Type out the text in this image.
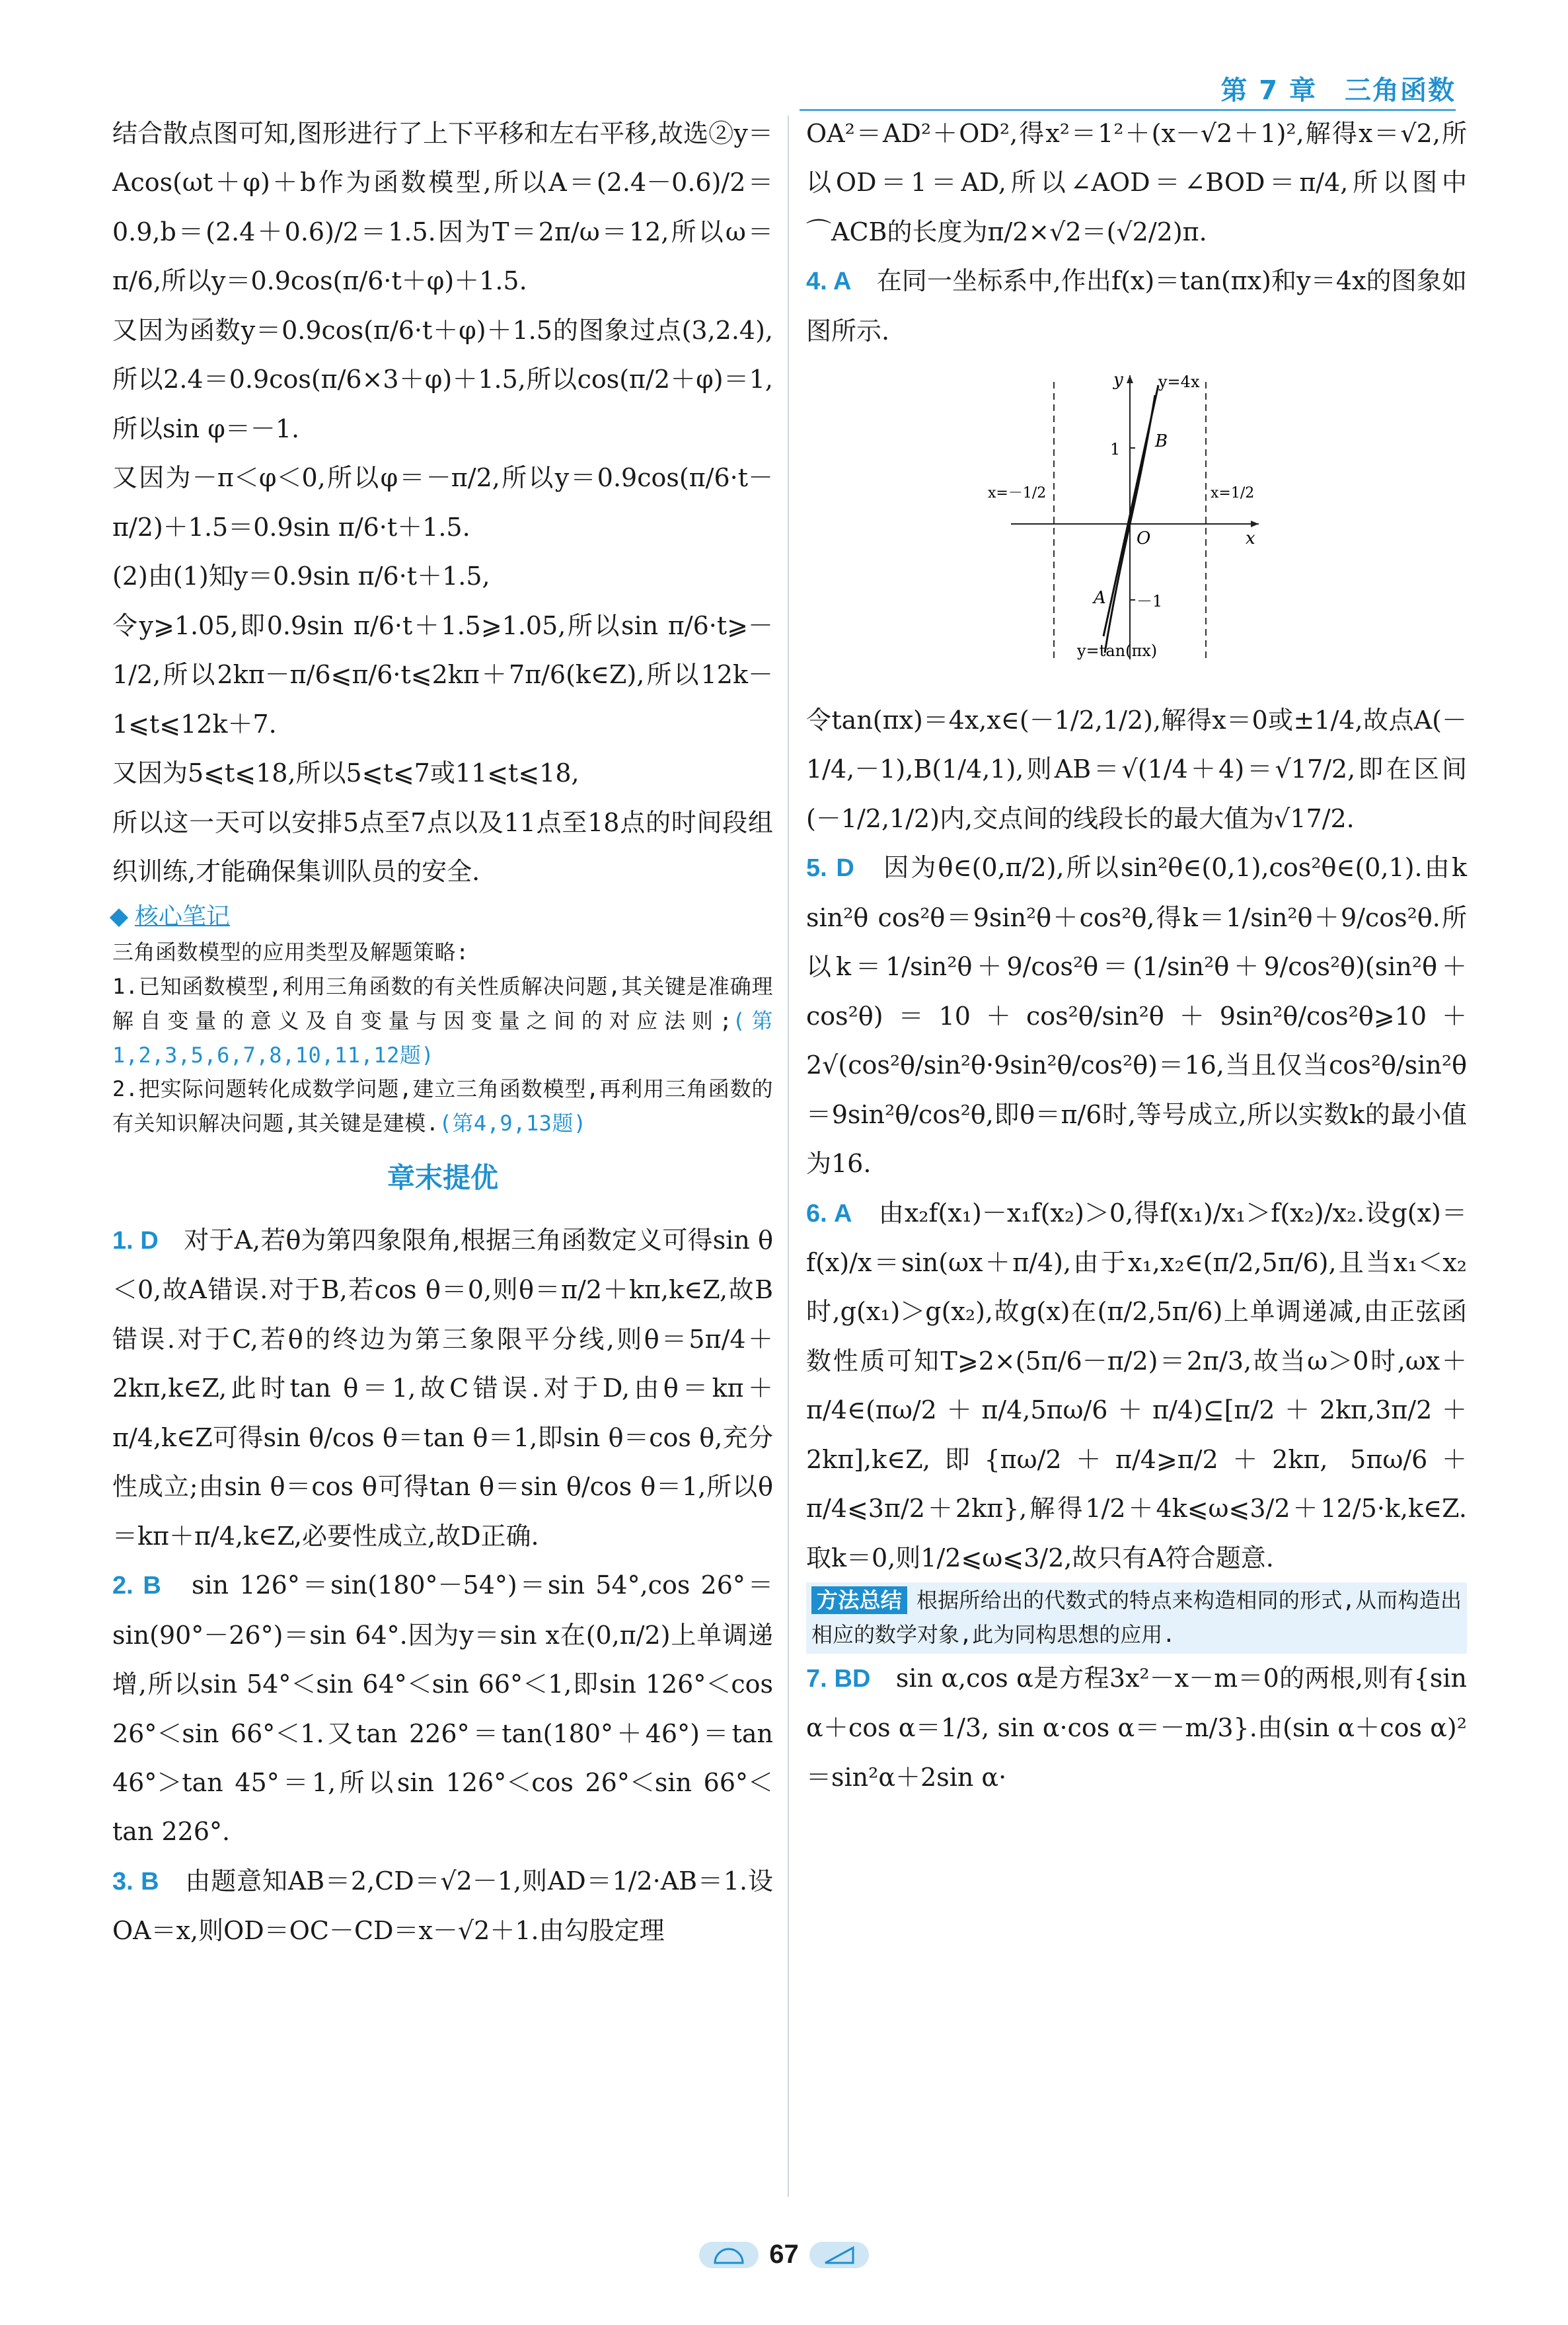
第 7 章　三角函数

结合散点图可知,图形进行了上下平移和左右平移,故选②y＝Acos(ωt＋φ)＋b作为函数模型,所以A＝(2.4－0.6)/2＝0.9,b＝(2.4＋0.6)/2＝1.5.因为T＝2π/ω＝12,所以ω＝π/6,所以y＝0.9cos(π/6·t＋φ)＋1.5.

又因为函数y＝0.9cos(π/6·t＋φ)＋1.5的图象过点(3,2.4),所以2.4＝0.9cos(π/6×3＋φ)＋1.5,所以cos(π/2＋φ)＝1,所以sin φ＝－1.

又因为－π＜φ＜0,所以φ＝－π/2,所以y＝0.9cos(π/6·t－π/2)＋1.5＝0.9sin π/6·t＋1.5.

(2)由(1)知y＝0.9sin π/6·t＋1.5,

令y⩾1.05,即0.9sin π/6·t＋1.5⩾1.05,所以sin π/6·t⩾－1/2,所以2kπ－π/6⩽π/6·t⩽2kπ＋7π/6(k∈Z),所以12k－1⩽t⩽12k＋7.

又因为5⩽t⩽18,所以5⩽t⩽7或11⩽t⩽18,

所以这一天可以安排5点至7点以及11点至18点的时间段组织训练,才能确保集训队员的安全.

核心笔记
三角函数模型的应用类型及解题策略:
1.已知函数模型,利用三角函数的有关性质解决问题,其关键是准确理解自变量的意义及自变量与因变量之间的对应法则;(第1,2,3,5,6,7,8,10,11,12题)
2.把实际问题转化成数学问题,建立三角函数模型,再利用三角函数的有关知识解决问题,其关键是建模.(第4,9,13题)
章末提优

1. D　 对于A,若θ为第四象限角,根据三角函数定义可得sin θ＜0,故A错误.对于B,若cos θ＝0,则θ＝π/2＋kπ,k∈Z,故B错误.对于C,若θ的终边为第三象限平分线,则θ＝5π/4＋2kπ,k∈Z,此时tan θ＝1,故C错误.对于D,由θ＝kπ＋π/4,k∈Z可得sin θ/cos θ＝tan θ＝1,即sin θ＝cos θ,充分性成立;由sin θ＝cos θ可得tan θ＝sin θ/cos θ＝1,所以θ＝kπ＋π/4,k∈Z,必要性成立,故D正确.

2. B　 sin 126°＝sin(180°－54°)＝sin 54°,cos 26°＝sin(90°－26°)＝sin 64°.因为y＝sin x在(0,π/2)上单调递增,所以sin 54°＜sin 64°＜sin 66°＜1,即sin 126°＜cos 26°＜sin 66°＜1.又tan 226°＝tan(180°＋46°)＝tan 46°＞tan 45°＝1,所以sin 126°＜cos 26°＜sin 66°＜tan 226°.

3. B　 由题意知AB＝2,CD＝√2－1,则AD＝1/2·AB＝1.设OA＝x,则OD＝OC－CD＝x－√2＋1.由勾股定理

OA²＝AD²＋OD²,得x²＝1²＋(x－√2＋1)²,解得x＝√2,所以OD＝1＝AD,所以∠AOD＝∠BOD＝π/4,所以图中⌒ACB的长度为π/2×√2＝(√2/2)π.

4. A　 在同一坐标系中,作出f(x)＝tan(πx)和y＝4x的图象如图所示.

y
x
O
y=4x
y=tan(πx)
x=－1/2	x=1/2
1
－1
A
B

令tan(πx)＝4x,x∈(－1/2,1/2),解得x＝0或±1/4,故点A(－1/4,－1),B(1/4,1),则AB＝√(1/4＋4)＝√17/2,即在区间(－1/2,1/2)内,交点间的线段长的最大值为√17/2.

5. D　 因为θ∈(0,π/2),所以sin²θ∈(0,1),cos²θ∈(0,1).由k sin²θ cos²θ＝9sin²θ＋cos²θ,得k＝1/sin²θ＋9/cos²θ.所以k＝1/sin²θ＋9/cos²θ＝(1/sin²θ＋9/cos²θ)(sin²θ＋cos²θ)＝10＋cos²θ/sin²θ＋9sin²θ/cos²θ⩾10＋2√(cos²θ/sin²θ·9sin²θ/cos²θ)＝16,当且仅当cos²θ/sin²θ＝9sin²θ/cos²θ,即θ＝π/6时,等号成立,所以实数k的最小值为16.

6. A　 由x₂f(x₁)－x₁f(x₂)＞0,得f(x₁)/x₁＞f(x₂)/x₂.设g(x)＝f(x)/x＝sin(ωx＋π/4),由于x₁,x₂∈(π/2,5π/6),且当x₁＜x₂时,g(x₁)＞g(x₂),故g(x)在(π/2,5π/6)上单调递减,由正弦函数性质可知T⩾2×(5π/6－π/2)＝2π/3,故当ω＞0时,ωx＋π/4∈(πω/2＋π/4,5πω/6＋π/4)⊆[π/2＋2kπ,3π/2＋2kπ],k∈Z,即{πω/2＋π/4⩾π/2＋2kπ, 5πω/6＋π/4⩽3π/2＋2kπ},解得1/2＋4k⩽ω⩽3/2＋12/5·k,k∈Z.取k＝0,则1/2⩽ω⩽3/2,故只有A符合题意.

方法总结 根据所给出的代数式的特点来构造相同的形式,从而构造出相应的数学对象,此为同构思想的应用.

7. BD　 sin α,cos α是方程3x²－x－m＝0的两根,则有{sin α＋cos α＝1/3, sin α·cos α＝－m/3}.由(sin α＋cos α)²＝sin²α＋2sin α·

67
